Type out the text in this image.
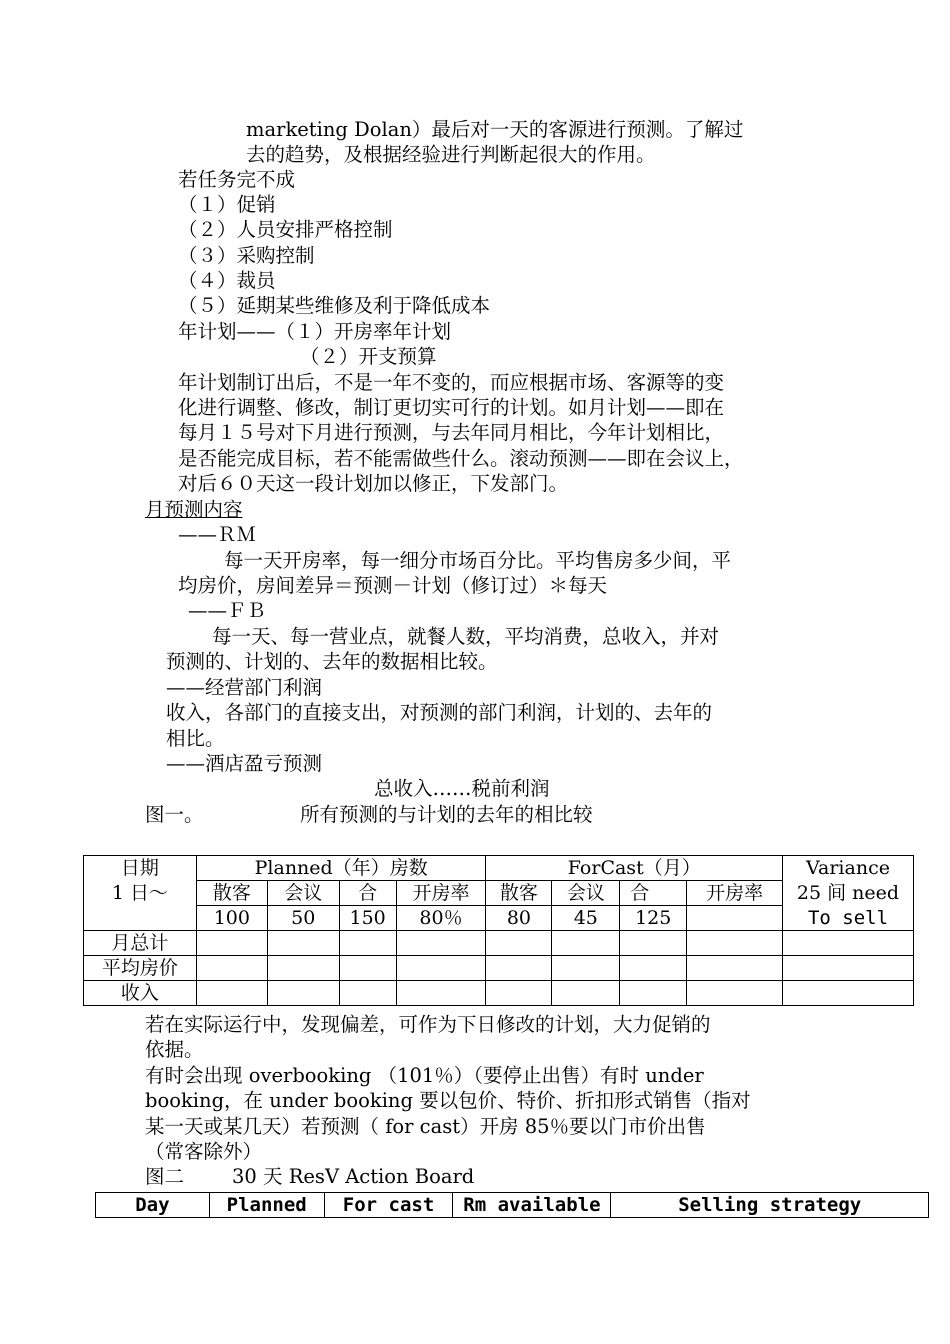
marketing Dolan）最后对一天的客源进行预测。了解过
去的趋势，及根据经验进行判断起很大的作用。
若任务完不成
（１）促销
（２）人员安排严格控制
（３）采购控制
（４）裁员
（５）延期某些维修及利于降低成本
年计划——（１）开房率年计划
（２）开支预算
年计划制订出后，不是一年不变的，而应根据市场、客源等的变
化进行调整、修改，制订更切实可行的计划。如月计划——即在
每月１５号对下月进行预测，与去年同月相比，今年计划相比，
是否能完成目标，若不能需做些什么。滚动预测——即在会议上，
对后６０天这一段计划加以修正，下发部门。
月预测内容
——ＲＭ
每一天开房率，每一细分市场百分比。平均售房多少间，平
均房价，房间差异＝预测－计划（修订过）＊每天
——ＦＢ
每一天、每一营业点，就餐人数，平均消费，总收入，并对
预测的、计划的、去年的数据相比较。
——经营部门利润
收入，各部门的直接支出，对预测的部门利润，计划的、去年的
相比。
——酒店盈亏预测
总收入……税前利润
图一。	所有预测的与计划的去年的相比较
日期	Planned（年）房数				ForCast（月）				Variance
1 日～	散客	会议	合	开房率	散客	会议	合	开房率	25 间 need
	100	50	150	80％	80	45	125		To sell
月总计									
平均房价									
收入									
若在实际运行中，发现偏差，可作为下日修改的计划，大力促销的
依据。
有时会出现 overbooking （101％）（要停止出售）有时 under
booking，在 under booking 要以包价、特价、折扣形式销售（指对
某一天或某几天）若预测（ for cast）开房 85％要以门市价出售
（常客除外）
图二 30 天 ResV Action Board
Day	Planned	For cast	Rm available	Selling strategy
